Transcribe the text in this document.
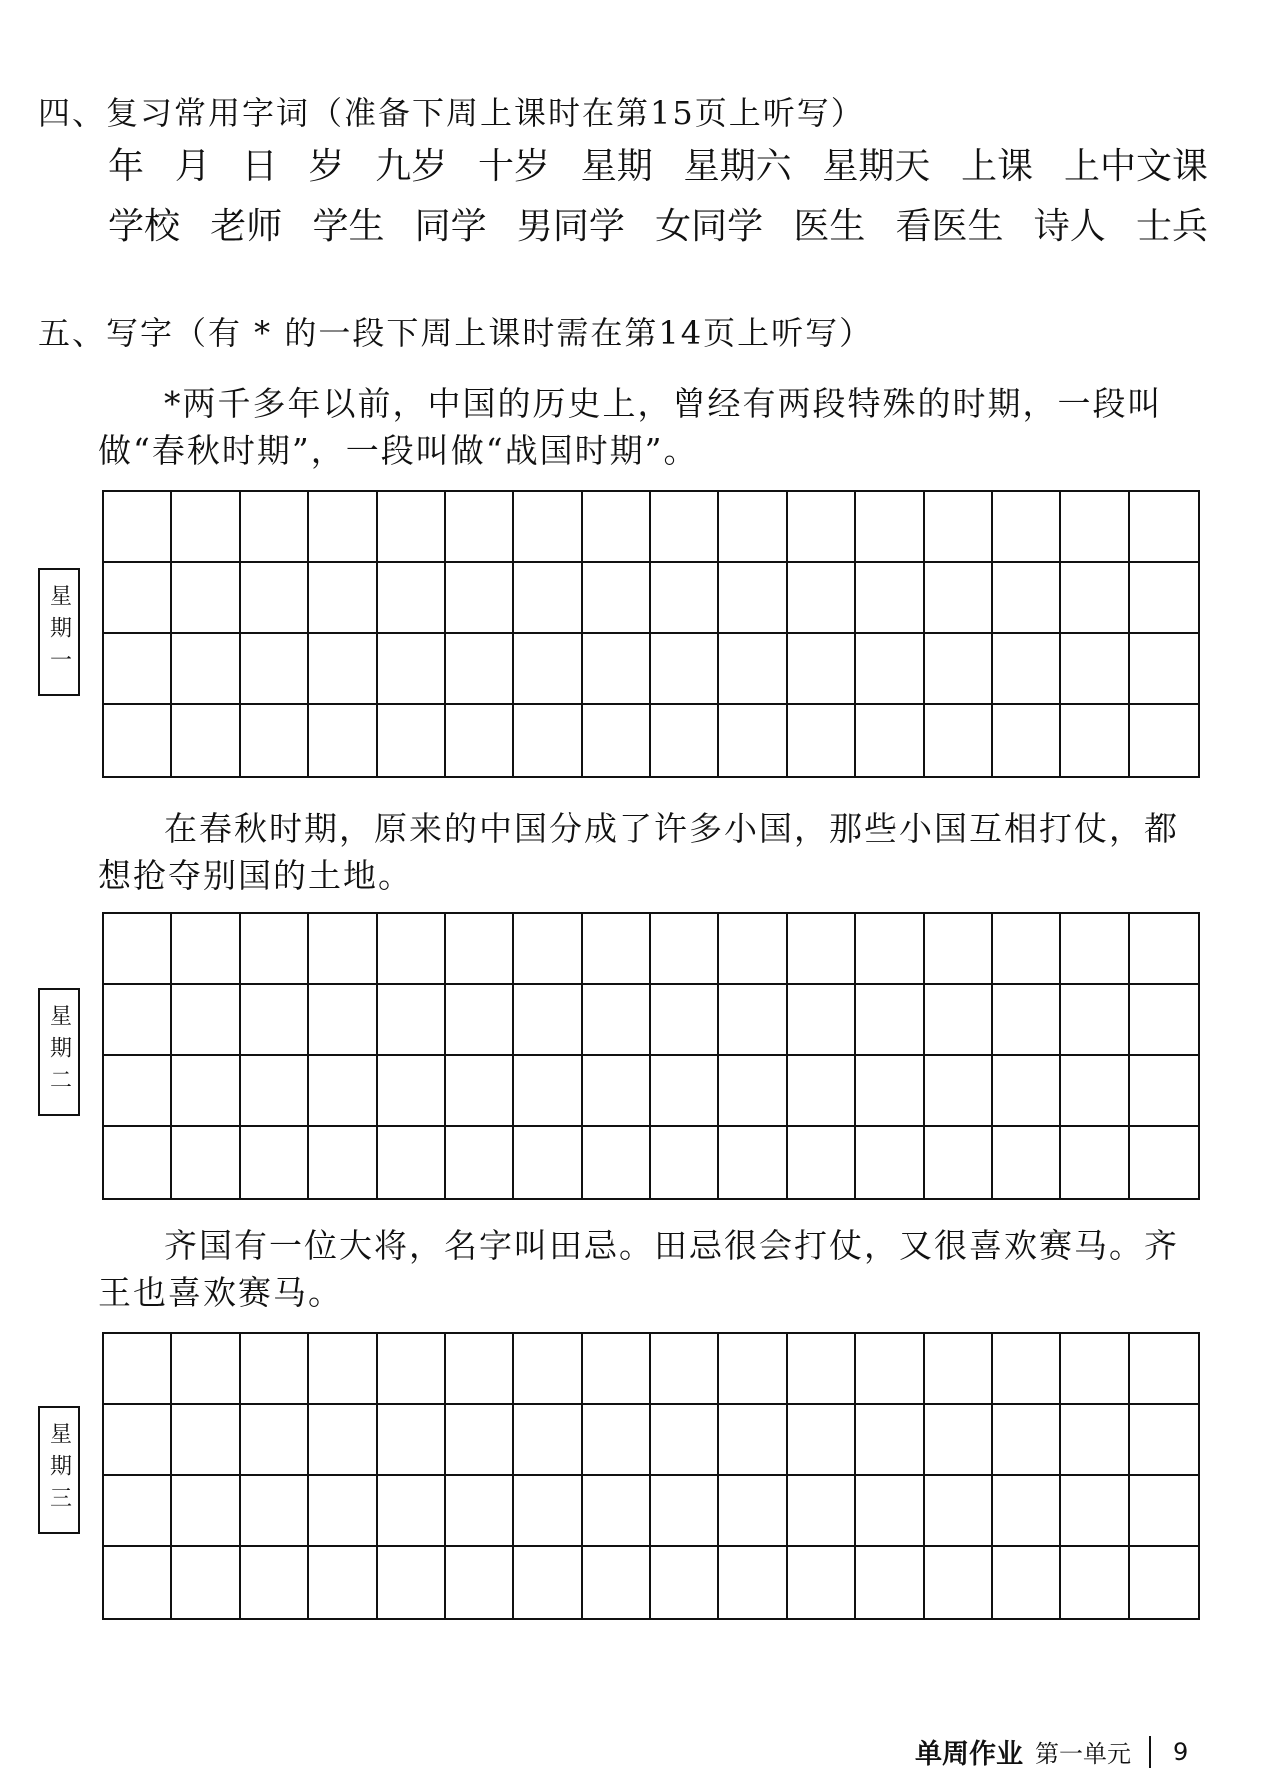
四、复习常用字词（准备下周上课时在第15页上听写）
年 月 日 岁 九岁 十岁 星期 星期六 星期天 上课 上中文课
学校 老师 学生 同学 男同学 女同学 医生 看医生 诗人 士兵
五、写字（有 * 的一段下周上课时需在第14页上听写）
*两千多年以前，中国的历史上，曾经有两段特殊的时期，一段叫做“春秋时期”，一段叫做“战国时期”。
星期一
在春秋时期，原来的中国分成了许多小国，那些小国互相打仗，都想抢夺别国的土地。
星期二
齐国有一位大将，名字叫田忌。田忌很会打仗，又很喜欢赛马。齐王也喜欢赛马。
星期三
单周作业 第一单元 9
